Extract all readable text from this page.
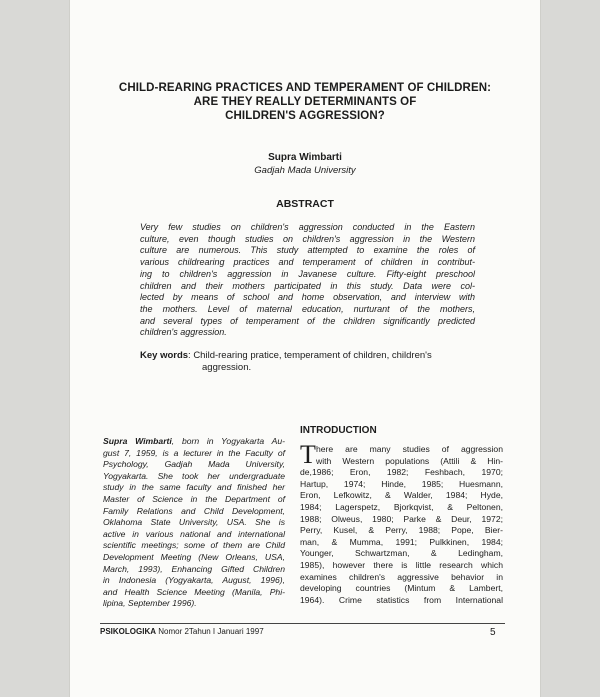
CHILD-REARING PRACTICES AND TEMPERAMENT OF CHILDREN:
ARE THEY REALLY DETERMINANTS OF
CHILDREN'S AGGRESSION?
Supra Wimbarti
Gadjah Mada University
ABSTRACT
Very few studies on children's aggression conducted in the Eastern
culture, even though studies on children's aggression in the Western
culture are numerous. This study attempted to examine the roles of
various childrearing practices and temperament of children in contribut-
ing to children's aggression in Javanese culture. Fifty-eight preschool
children and their mothers participated in this study. Data were col-
lected by means of school and home observation, and interview with
the mothers. Level of maternal education, nurturant of the mothers,
and several types of temperament of the children significantly predicted
children's aggression.
Key words: Child-rearing pratice, temperament of children, children's
aggression.
Supra Wimbarti, born in Yogyakarta Au-
gust 7, 1959, is a lecturer in the Faculty of
Psychology, Gadjah Mada University,
Yogyakarta. She took her undergraduate
study in the same faculty and finished her
Master of Science in the Department of
Family Relations and Child Development,
Oklahoma State University, USA. She is
active in various national and international
scientific meetings; some of them are Child
Development Meeting (New Orleans, USA,
March, 1993), Enhancing Gifted Children
in Indonesia (Yogyakarta, August, 1996),
and Health Science Meeting (Manila, Phi-
lipina, September 1996).
INTRODUCTION
T here are many studies of aggression
with Western populations (Attili & Hin-
de,1986; Eron, 1982; Feshbach, 1970;
Hartup, 1974; Hinde, 1985; Huesmann,
Eron, Lefkowitz, & Walder, 1984; Hyde,
1984; Lagerspetz, Bjorkqvist, & Peltonen,
1988; Olweus, 1980; Parke & Deur, 1972;
Perry, Kusel, & Perry, 1988; Pope, Bier-
man, & Mumma, 1991; Pulkkinen, 1984;
Younger, Schwartzman, & Ledingham,
1985), however there is little research which
examines children's aggressive behavior in
developing countries (Mintum & Lambert,
1964). Crime statistics from International
PSIKOLOGIKA Nomor 2Tahun I Januari 1997	5
